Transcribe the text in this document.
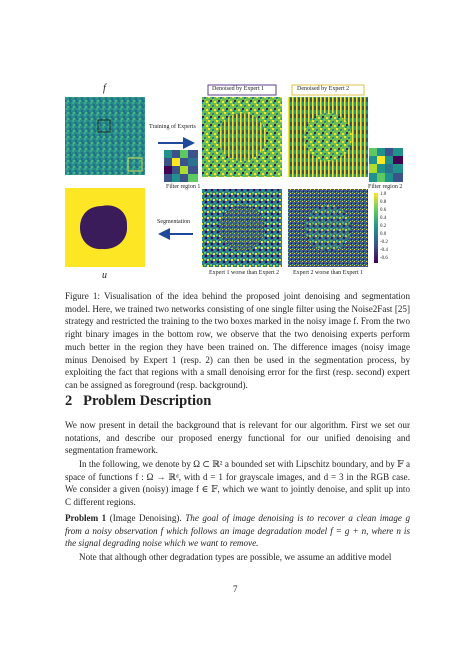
f
u
Training of Experts
Segmentation
Denoised by Expert 1	Denoised by Expert 2
Filter region 1	Filter region 2
Expert 1 worse than Expert 2 Expert 2 worse than Expert 1
1.0
0.8
0.6
0.4
0.2
0.0
-0.2
-0.4
-0.6
Figure 1: Visualisation of the idea behind the proposed joint denoising and segmentation model. Here, we trained two networks consisting of one single filter using the Noise2Fast [25] strategy and restricted the training to the two boxes marked in the noisy image f. From the two right binary images in the bottom row, we observe that the two denoising experts perform much better in the region they have been trained on. The difference images (noisy image minus Denoised by Expert 1 (resp. 2) can then be used in the segmentation process, by exploiting the fact that regions with a small denoising error for the first (resp. second) expert can be assigned as foreground (resp. background).
2 Problem Description
We now present in detail the background that is relevant for our algorithm. First we set our notations, and describe our proposed energy functional for our unified denoising and segmentation framework.
In the following, we denote by Ω ⊂ ℝ² a bounded set with Lipschitz boundary, and by 𝔽 a space of functions f : Ω → ℝᵈ, with d = 1 for grayscale images, and d = 3 in the RGB case. We consider a given (noisy) image f ∈ 𝔽, which we want to jointly denoise, and split up into C different regions.
Problem 1 (Image Denoising). The goal of image denoising is to recover a clean image g from a noisy observation f which follows an image degradation model f = g + n, where n is the signal degrading noise which we want to remove.
Note that although other degradation types are possible, we assume an additive model
7
